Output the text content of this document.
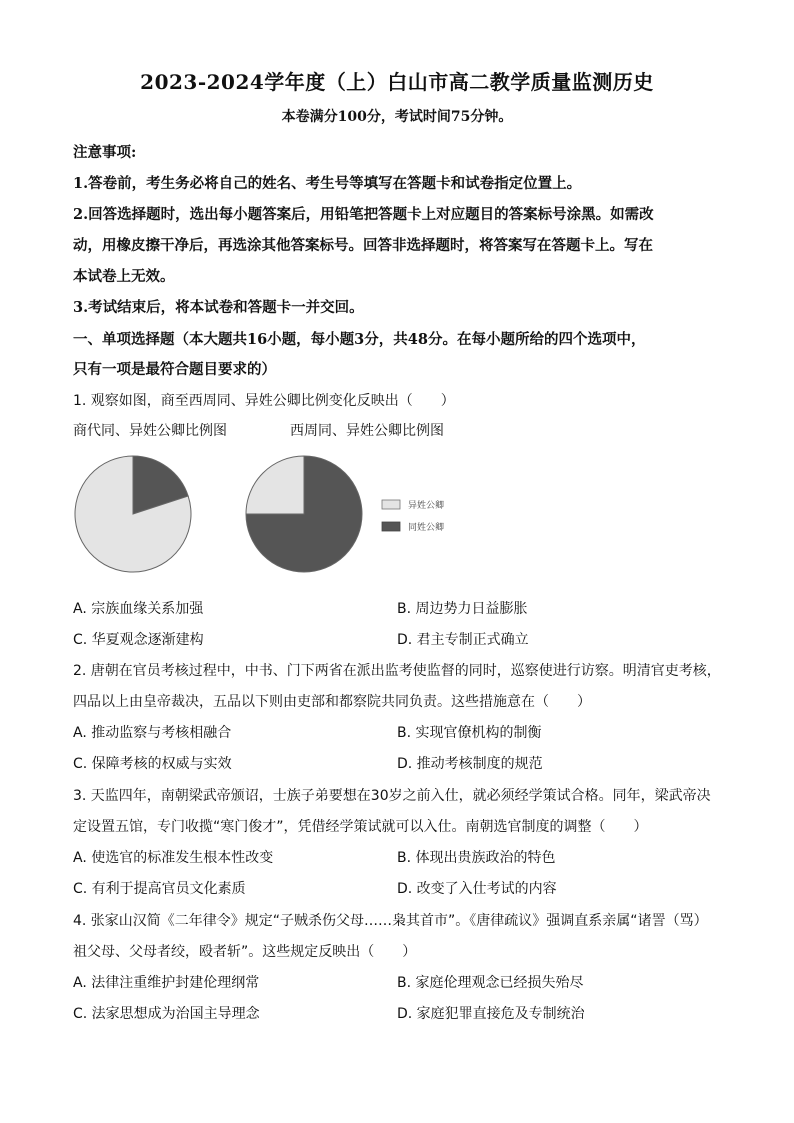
2023-2024学年度（上）白山市高二教学质量监测历史
本卷满分100分，考试时间75分钟。
注意事项:
1.答卷前，考生务必将自己的姓名、考生号等填写在答题卡和试卷指定位置上。
2.回答选择题时，选出每小题答案后，用铅笔把答题卡上对应题目的答案标号涂黑。如需改
动，用橡皮擦干净后，再选涂其他答案标号。回答非选择题时，将答案写在答题卡上。写在
本试卷上无效。
3.考试结束后，将本试卷和答题卡一并交回。
一、单项选择题（本大题共16小题，每小题3分，共48分。在每小题所给的四个选项中，
只有一项是最符合题目要求的）
1. 观察如图，商至西周同、异姓公卿比例变化反映出（　　）
商代同、异姓公卿比例图	西周同、异姓公卿比例图
异姓公卿
同姓公卿
A. 宗族血缘关系加强	B. 周边势力日益膨胀
C. 华夏观念逐渐建构	D. 君主专制正式确立
2. 唐朝在官员考核过程中，中书、门下两省在派出监考使监督的同时，巡察使进行访察。明清官吏考核，
四品以上由皇帝裁决，五品以下则由吏部和都察院共同负责。这些措施意在（　　）
A. 推动监察与考核相融合	B. 实现官僚机构的制衡
C. 保障考核的权威与实效	D. 推动考核制度的规范
3. 天监四年，南朝梁武帝颁诏，士族子弟要想在30岁之前入仕，就必须经学策试合格。同年，梁武帝决
定设置五馆，专门收揽“寒门俊才”，凭借经学策试就可以入仕。南朝选官制度的调整（　　）
A. 使选官的标准发生根本性改变	B. 体现出贵族政治的特色
C. 有利于提高官员文化素质	D. 改变了入仕考试的内容
4. 张家山汉简《二年律令》规定“子贼杀伤父母……枭其首市”。《唐律疏议》强调直系亲属“诸詈（骂）
祖父母、父母者绞，殴者斩”。这些规定反映出（　　）
A. 法律注重维护封建伦理纲常	B. 家庭伦理观念已经损失殆尽
C. 法家思想成为治国主导理念	D. 家庭犯罪直接危及专制统治
